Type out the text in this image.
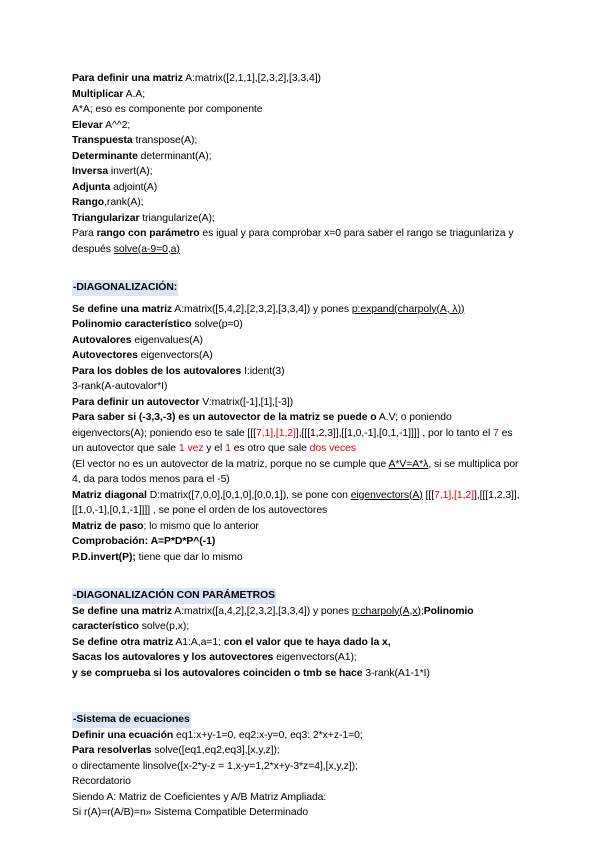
Para definir una matriz A:matrix([2,1,1],[2,3,2],[3,3,4])
Multiplicar A.A;
A*A; eso es componente por componente
Elevar A^^2;
Transpuesta transpose(A);
Determinante determinant(A);
Inversa invert(A);
Adjunta adjoint(A)
Rango,rank(A);
Triangularizar triangularize(A);
Para rango con parámetro es igual y para comprobar x=0 para saber el rango se triagunlariza y después solve(a-9=0,a)
-DIAGONALIZACIÓN:
Se define una matriz A:matrix([5,4,2],[2,3,2],[3,3,4]) y pones p:expand(charpoly(A, λ))
Polinomio característico solve(p=0)
Autovalores eigenvalues(A)
Autovectores eigenvectors(A)
Para los dobles de los autovalores I:ident(3)
3-rank(A-autovalor*I)
Para definir un autovector V:matrix([-1],[1],[-3])
Para saber si (-3,3,-3) es un autovector de la matriz se puede o A.V; o poniendo eigenvectors(A); poniendo eso te sale [[[7,1],[1,2]],[[[1,2,3]],[[1,0,-1],[0,1,-1]]]] , por lo tanto el 7 es un autovector que sale 1 vez y el 1 es otro que sale dos veces
(El vector no es un autovector de la matriz, porque no se cumple que A*V=A*λ, si se multiplica por 4, da para todos menos para el -5)
Matriz diagonal D:matrix([7,0,0],[0,1,0],[0,0,1]), se pone con eigenvectors(A) [[[7,1],[1,2]],[[[1,2,3]],[[1,0,-1],[0,1,-1]]]] , se pone el orden de los autovectores
Matriz de paso; lo mismo que lo anterior
Comprobación: A=P*D*P^(-1)
P.D.invert(P); tiene que dar lo mismo
-DIAGONALIZACIÓN CON PARÁMETROS
Se define una matriz A:matrix([a,4,2],[2,3,2],[3,3,4]) y pones p:charpoly(A,x);Polinomio característico solve(p,x);
Se define otra matriz A1:A,a=1; con el valor que te haya dado la x,
Sacas los autovalores y los autovectores eigenvectors(A1);
y se comprueba si los autovalores coinciden o tmb se hace 3-rank(A1-1*I)
-Sistema de ecuaciones
Definir una ecuación eq1:x+y-1=0, eq2:x-y=0, eq3: 2*x+z-1=0;
Para resolverlas solve([eq1,eq2,eq3],[x,y,z]);
o directamente linsolve([x-2*y-z = 1,x-y=1,2*x+y-3*z=4],[x,y,z]);
Recordatorio
Siendo A: Matriz de Coeficientes y A/B Matriz Ampliada:
Si r(A)=r(A/B)=n» Sistema Compatible Determinado
